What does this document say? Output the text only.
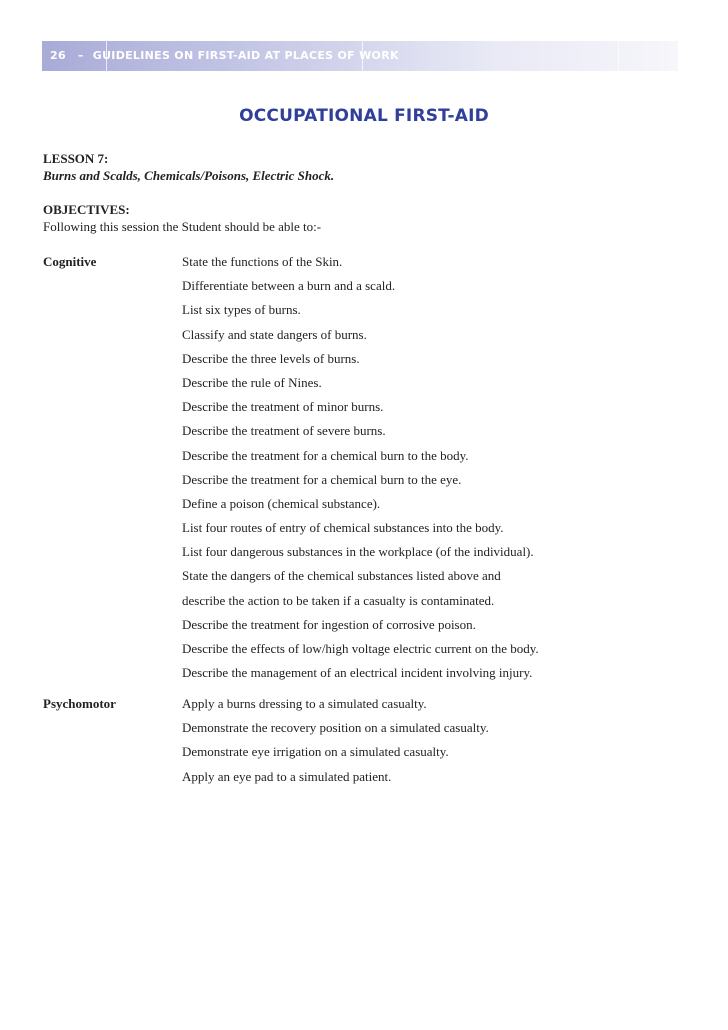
26 – GUIDELINES ON FIRST-AID AT PLACES OF WORK
OCCUPATIONAL FIRST-AID
LESSON 7:
Burns and Scalds, Chemicals/Poisons, Electric Shock.
OBJECTIVES:
Following this session the Student should be able to:-
Cognitive	State the functions of the Skin.
Differentiate between a burn and a scald.
List six types of burns.
Classify and state dangers of burns.
Describe the three levels of burns.
Describe the rule of Nines.
Describe the treatment of minor burns.
Describe the treatment of severe burns.
Describe the treatment for a chemical burn to the body.
Describe the treatment for a chemical burn to the eye.
Define a poison (chemical substance).
List four routes of entry of chemical substances into the body.
List four dangerous substances in the workplace (of the individual).
State the dangers of the chemical substances listed above and
describe the action to be taken if a casualty is contaminated.
Describe the treatment for ingestion of corrosive poison.
Describe the effects of low/high voltage electric current on the body.
Describe the management of an electrical incident involving injury.
Psychomotor	Apply a burns dressing to a simulated casualty.
Demonstrate the recovery position on a simulated casualty.
Demonstrate eye irrigation on a simulated casualty.
Apply an eye pad to a simulated patient.
